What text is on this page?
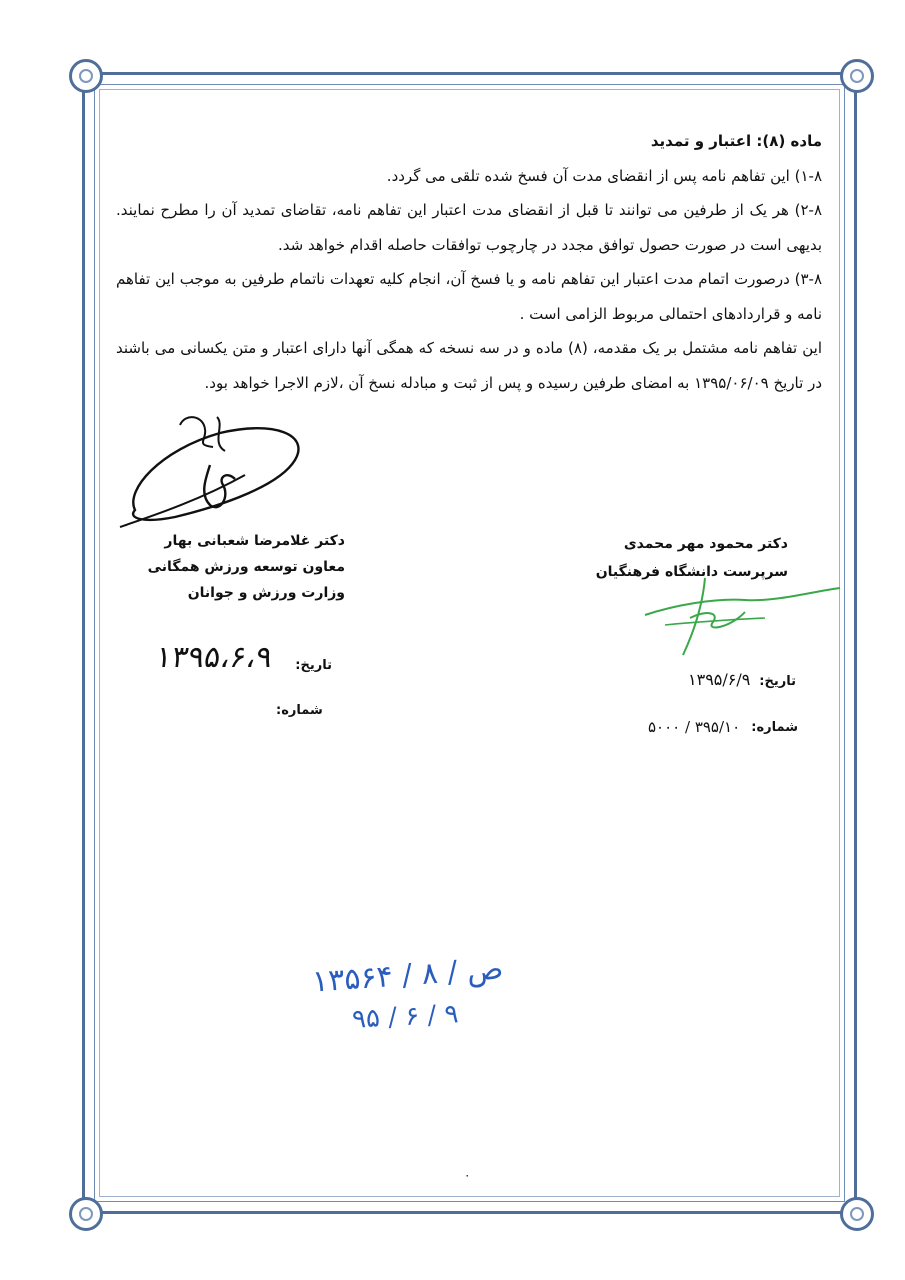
ماده (۸): اعتبار و تمدید

۱-۸) این تفاهم نامه پس از انقضای مدت آن فسخ شده تلقی می گردد.

۲-۸) هر یک از طرفین می توانند تا قبل از انقضای مدت اعتبار این تفاهم نامه، تقاضای تمدید آن را مطرح نمایند. بدیهی است در صورت حصول توافق مجدد در چارچوب توافقات حاصله اقدام خواهد شد.

۳-۸) درصورت اتمام مدت اعتبار این تفاهم نامه و یا فسخ آن، انجام کلیه تعهدات ناتمام طرفین به موجب این تفاهم نامه و قراردادهای احتمالی مربوط الزامی است .

این تفاهم نامه مشتمل بر یک مقدمه، (۸) ماده و در سه نسخه که همگی آنها دارای اعتبار و متن یکسانی می باشند در تاریخ ۱۳۹۵/۰۶/۰۹ به امضای طرفین رسیده و پس از ثبت و مبادله نسخ آن ،لازم الاجرا خواهد بود.

دکتر غلامرضا شعبانی بهار
معاون توسعه ورزش همگانی
وزارت ورزش و جوانان
دکتر محمود مهر محمدی
سرپرست دانشگاه فرهنگیان
۱۳۹۵،۶،۹ تاریخ:
شماره:
۱۳۹۵/۶/۹ تاریخ:
۵۰۰۰ / ۳۹۵/۱۰ شماره:
۱۳۵۶۴ / ۸ / ص
۹۵ / ۶ / ۹
٠
